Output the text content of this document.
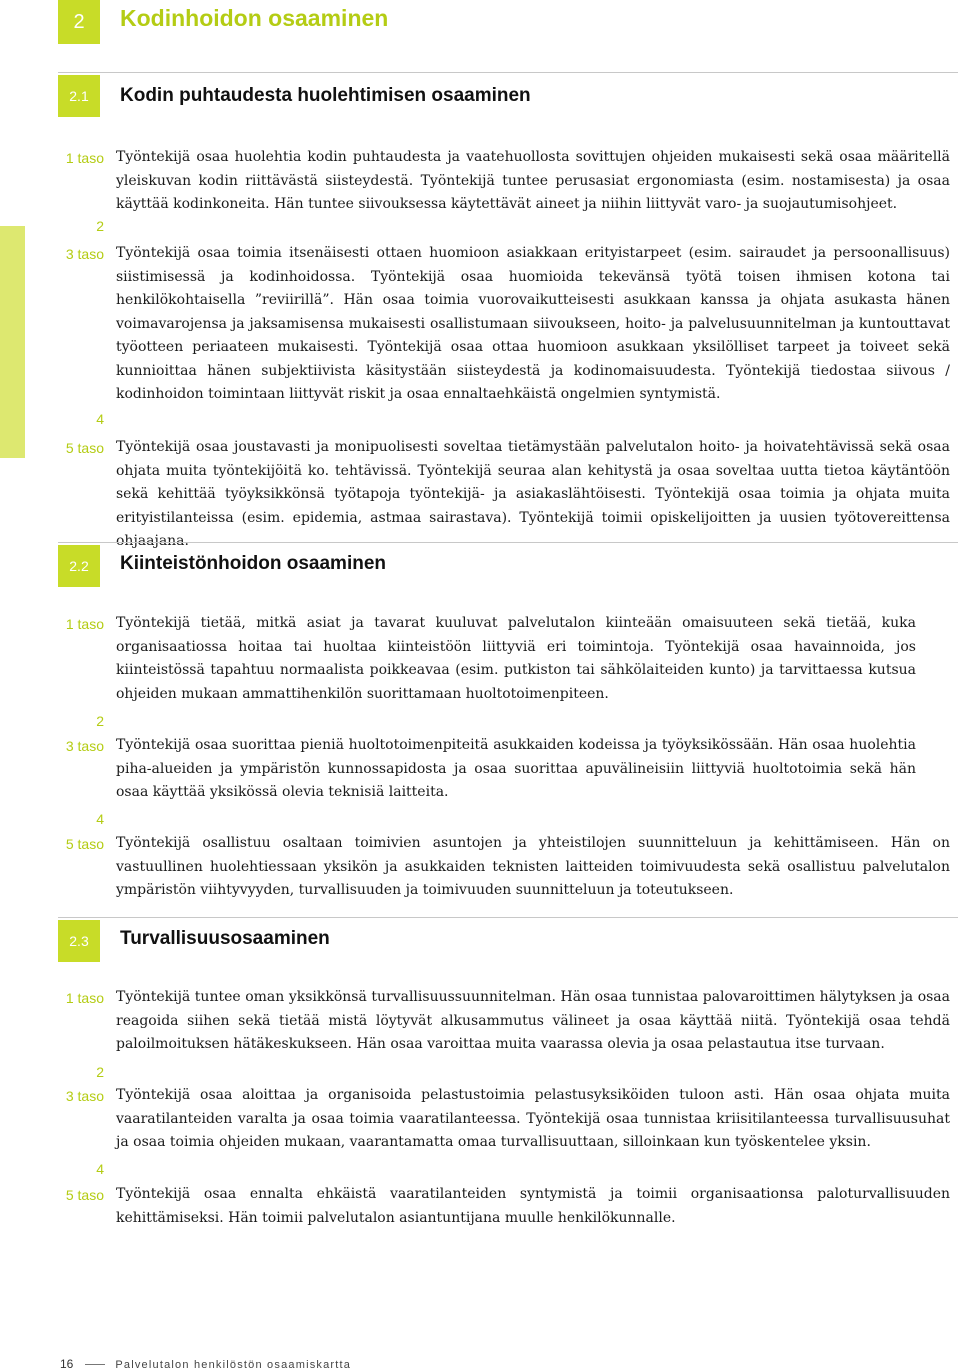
2	Kodinhoidon osaaminen
2.1	Kodin puhtaudesta huolehtimisen osaaminen
1 taso Työntekijä osaa huolehtia kodin puhtaudesta ja vaatehuollosta sovittujen ohjeiden mukaisesti sekä osaa määritellä yleiskuvan kodin riittävästä siisteydestä. Työntekijä tuntee perusasiat ergonomiasta (esim. nostamisesta) ja osaa käyttää kodinkoneita. Hän tuntee siivouksessa käytettävät aineet ja niihin liittyvät varo- ja suojautumisohjeet.

2
3 taso Työntekijä osaa toimia itsenäisesti ottaen huomioon asiakkaan erityistarpeet (esim. sairaudet ja persoonallisuus) siistimisessä ja kodinhoidossa. Työntekijä osaa huomioida tekevänsä työtä toisen ihmisen kotona tai henkilökohtaisella ”reviirillä”. Hän osaa toimia vuorovaikutteisesti asukkaan kanssa ja ohjata asukasta hänen voimavarojensa ja jaksamisensa mukaisesti osallistumaan siivoukseen, hoito- ja palvelusuunnitelman ja kuntouttavat työotteen periaateen mukaisesti. Työntekijä osaa ottaa huomioon asukkaan yksilölliset tarpeet ja toiveet sekä kunnioittaa hänen subjektiivista käsitystään siisteydestä ja kodinomaisuudesta. Työntekijä tiedostaa siivous / kodinhoidon toimintaan liittyvät riskit ja osaa ennaltaehkäistä ongelmien syntymistä.

4
5 taso Työntekijä osaa joustavasti ja monipuolisesti soveltaa tietämystään palvelutalon hoito- ja hoivatehtävissä sekä osaa ohjata muita työntekijöitä ko. tehtävissä. Työntekijä seuraa alan kehitystä ja osaa soveltaa uutta tietoa käytäntöön sekä kehittää työyksikkönsä työtapoja työntekijä- ja asiakaslähtöisesti. Työntekijä osaa toimia ja ohjata muita erityistilanteissa (esim. epidemia, astmaa sairastava). Työntekijä toimii opiskelijoitten ja uusien työtovereittensa ohjaajana.

2.2	Kiinteistönhoidon osaaminen
1 taso Työntekijä tietää, mitkä asiat ja tavarat kuuluvat palvelutalon kiinteään omaisuuteen sekä tietää, kuka organisaatiossa hoitaa tai huoltaa kiinteistöön liittyviä eri toimintoja. Työntekijä osaa havainnoida, jos kiinteistössä tapahtuu normaalista poikkeavaa (esim. putkiston tai sähkölaiteiden kunto) ja tarvittaessa kutsua ohjeiden mukaan ammattihenkilön suorittamaan huoltotoimenpiteen.

2
3 taso Työntekijä osaa suorittaa pieniä huoltotoimenpiteitä asukkaiden kodeissa ja työyksikössään. Hän osaa huolehtia piha-alueiden ja ympäristön kunnossapidosta ja osaa suorittaa apuvälineisiin liittyviä huoltotoimia sekä hän osaa käyttää yksikössä olevia teknisiä laitteita.

4
5 taso Työntekijä osallistuu osaltaan toimivien asuntojen ja yhteistilojen suunnitteluun ja kehittämiseen. Hän on vastuullinen huolehtiessaan yksikön ja asukkaiden teknisten laitteiden toimivuudesta sekä osallistuu palvelutalon ympäristön viihtyvyyden, turvallisuuden ja toimivuuden suunnitteluun ja toteutukseen.

2.3	Turvallisuusosaaminen
1 taso Työntekijä tuntee oman yksikkönsä turvallisuussuunnitelman. Hän osaa tunnistaa palovaroittimen hälytyksen ja osaa reagoida siihen sekä tietää mistä löytyvät alkusammutus välineet ja osaa käyttää niitä. Työntekijä osaa tehdä paloilmoituksen hätäkeskukseen. Hän osaa varoittaa muita vaarassa olevia ja osaa pelastautua itse turvaan.

2
3 taso Työntekijä osaa aloittaa ja organisoida pelastustoimia pelastusyksiköiden tuloon asti. Hän osaa ohjata muita vaaratilanteiden varalta ja osaa toimia vaaratilanteessa. Työntekijä osaa tunnistaa kriisitilanteessa turvallisuusuhat ja osaa toimia ohjeiden mukaan, vaarantamatta omaa turvallisuuttaan, silloinkaan kun työskentelee yksin.

4
5 taso Työntekijä osaa ennalta ehkäistä vaaratilanteiden syntymistä ja toimii organisaationsa paloturvallisuuden kehittämiseksi. Hän toimii palvelutalon asiantuntijana muulle henkilökunnalle.

16	Palvelutalon henkilöstön osaamiskartta
